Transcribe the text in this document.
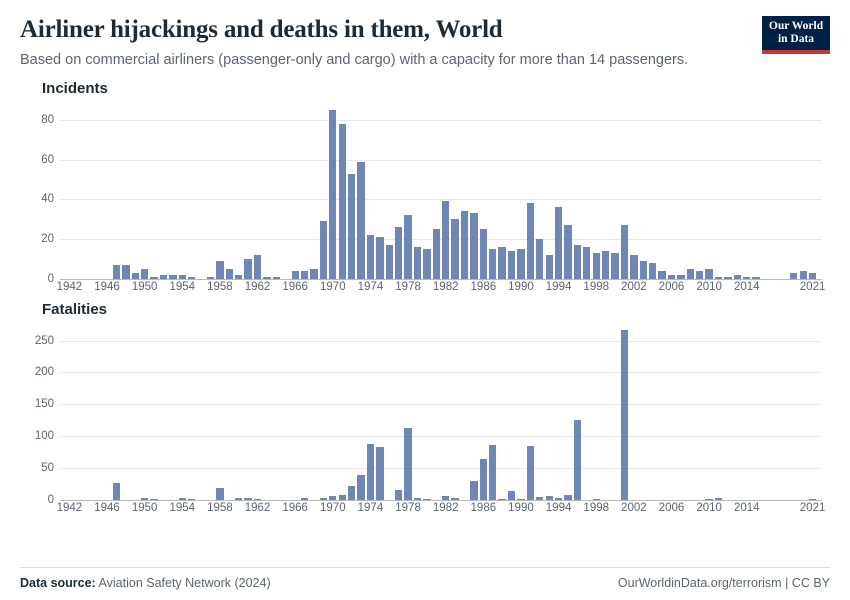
Airliner hijackings and deaths in them, World

Based on commercial airliners (passenger-only and cargo) with a capacity for more than 14 passengers.

Our World
in Data
Incidents
0
20
40
60
80
1942 1946 1950 1954 1958 1962 1966 1970 1974 1978 1982 1986 1990 1994 1998 2002 2006 2010 2014	2021
Fatalities
0
50
100
150
200
250
1942 1946 1950 1954 1958 1962 1966 1970 1974 1978 1982 1986 1990 1994 1998 2002 2006 2010 2014	2021
Data source: Aviation Safety Network (2024)	OurWorldinData.org/terrorism | CC BY
